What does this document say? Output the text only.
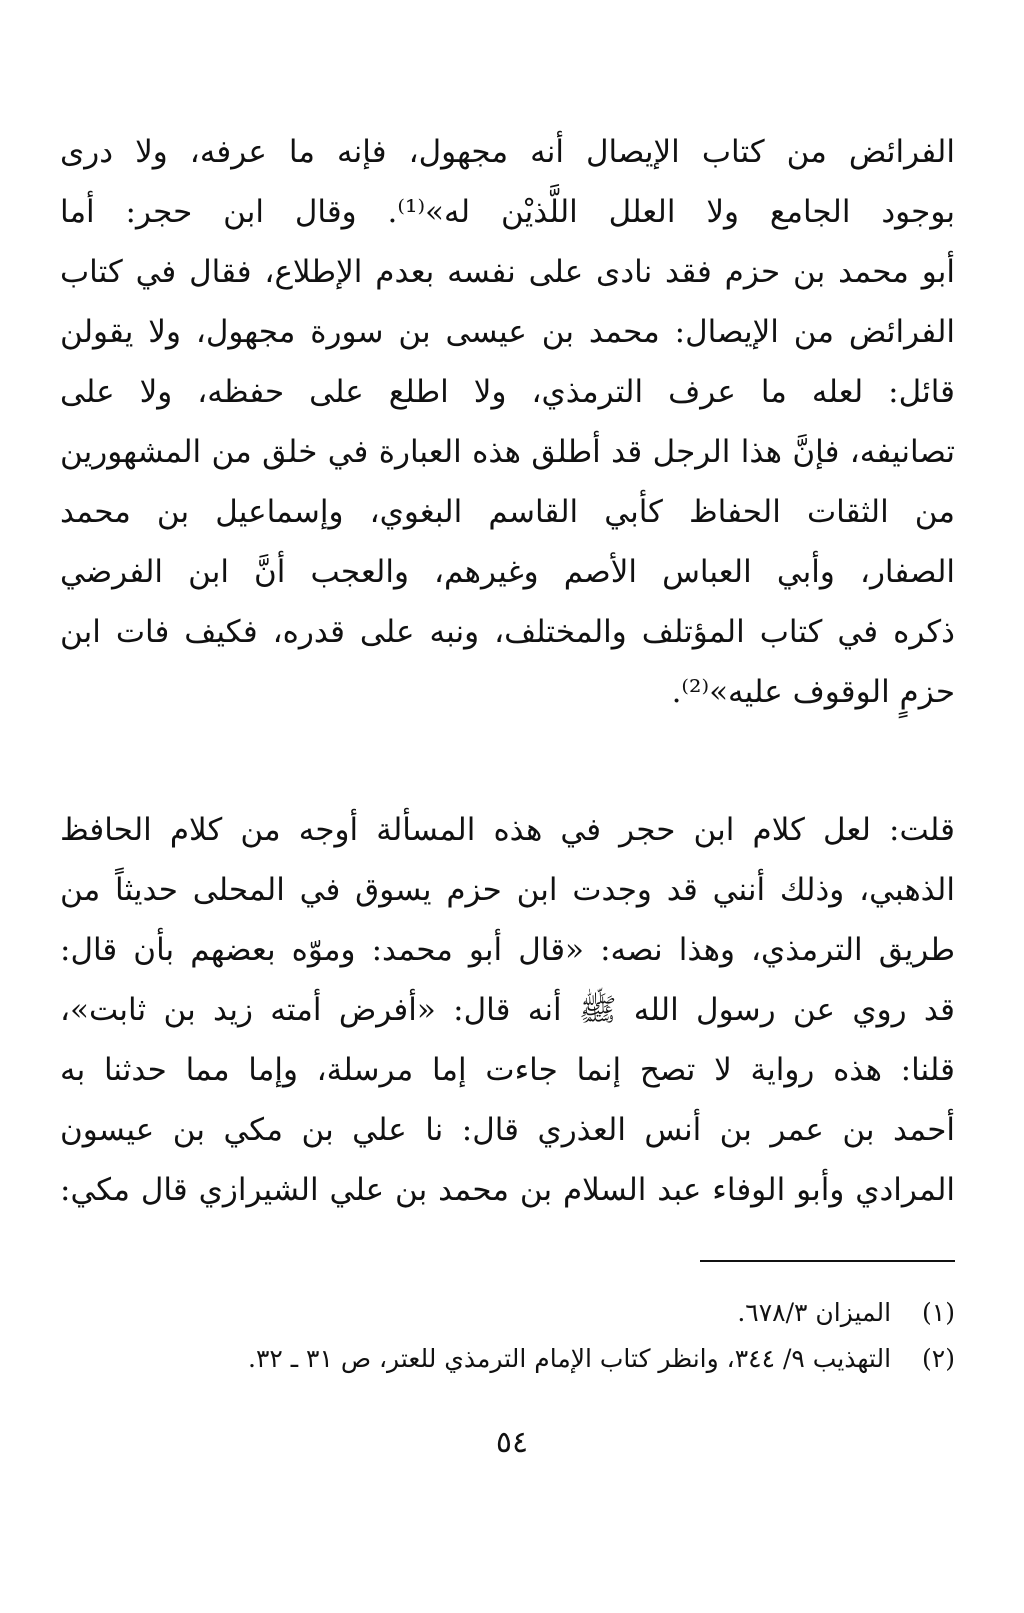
الفرائض من كتاب الإيصال أنه مجهول، فإنه ما عرفه، ولا درى
بوجود الجامع ولا العلل اللَّذيْن له»⁽¹⁾. وقال ابن حجر: أما
أبو محمد بن حزم فقد نادى على نفسه بعدم الإطلاع، فقال في كتاب
الفرائض من الإيصال: محمد بن عيسى بن سورة مجهول، ولا يقولن
قائل: لعله ما عرف الترمذي، ولا اطلع على حفظه، ولا على
تصانيفه، فإنَّ هذا الرجل قد أطلق هذه العبارة في خلق من المشهورين
من الثقات الحفاظ كأبي القاسم البغوي، وإسماعيل بن محمد
الصفار، وأبي العباس الأصم وغيرهم، والعجب أنَّ ابن الفرضي
ذكره في كتاب المؤتلف والمختلف، ونبه على قدره، فكيف فات ابن
حزمٍ الوقوف عليه»⁽²⁾.
قلت: لعل كلام ابن حجر في هذه المسألة أوجه من كلام الحافظ
الذهبي، وذلك أنني قد وجدت ابن حزم يسوق في المحلى حديثاً من
طريق الترمذي، وهذا نصه: «قال أبو محمد: وموّه بعضهم بأن قال:
قد روي عن رسول الله ﷺ أنه قال: «أفرض أمته زيد بن ثابت»،
قلنا: هذه رواية لا تصح إنما جاءت إما مرسلة، وإما مما حدثنا به
أحمد بن عمر بن أنس العذري قال: نا علي بن مكي بن عيسون
المرادي وأبو الوفاء عبد السلام بن محمد بن علي الشيرازي قال مكي:
(١) الميزان ٦٧٨/٣.
(٢) التهذيب ٩/ ٣٤٤، وانظر كتاب الإمام الترمذي للعتر، ص ٣١ ـ ٣٢.
٥٤
